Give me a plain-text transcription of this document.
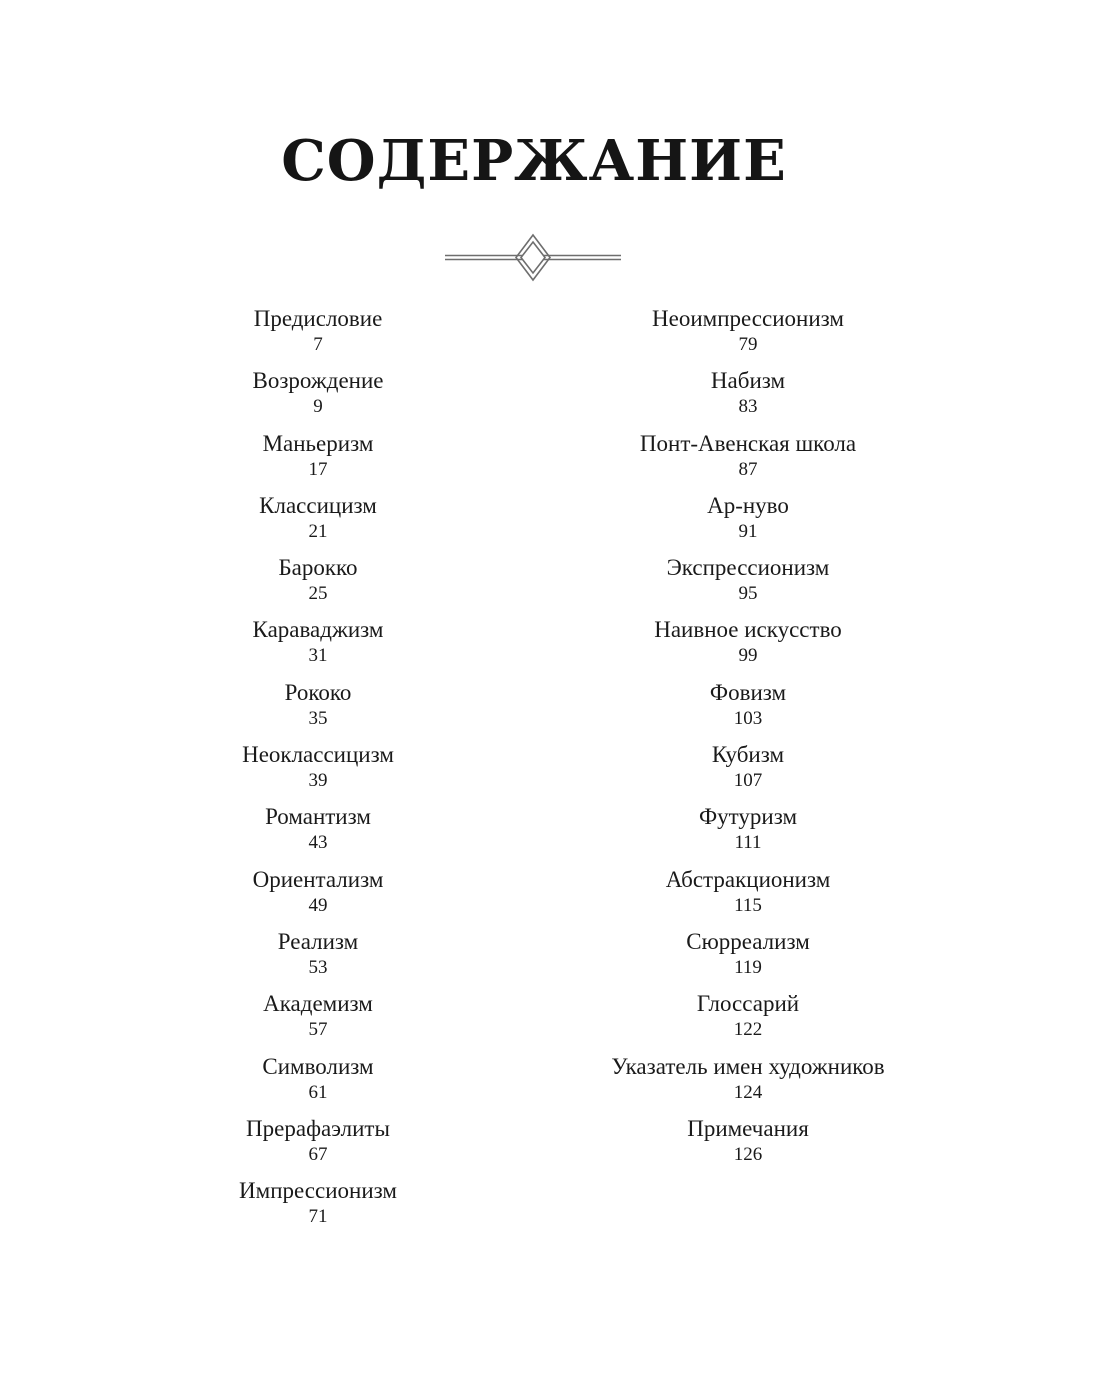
СОДЕРЖАНИЕ
Предисловие
7
Возрождение
9
Маньеризм
17
Классицизм
21
Барокко
25
Караваджизм
31
Рококо
35
Неоклассицизм
39
Романтизм
43
Ориентализм
49
Реализм
53
Академизм
57
Символизм
61
Прерафаэлиты
67
Импрессионизм
71
Неоимпрессионизм
79
Набизм
83
Понт-Авенская школа
87
Ар-нуво
91
Экспрессионизм
95
Наивное искусство
99
Фовизм
103
Кубизм
107
Футуризм
111
Абстракционизм
115
Сюрреализм
119
Глоссарий
122
Указатель имен художников
124
Примечания
126
